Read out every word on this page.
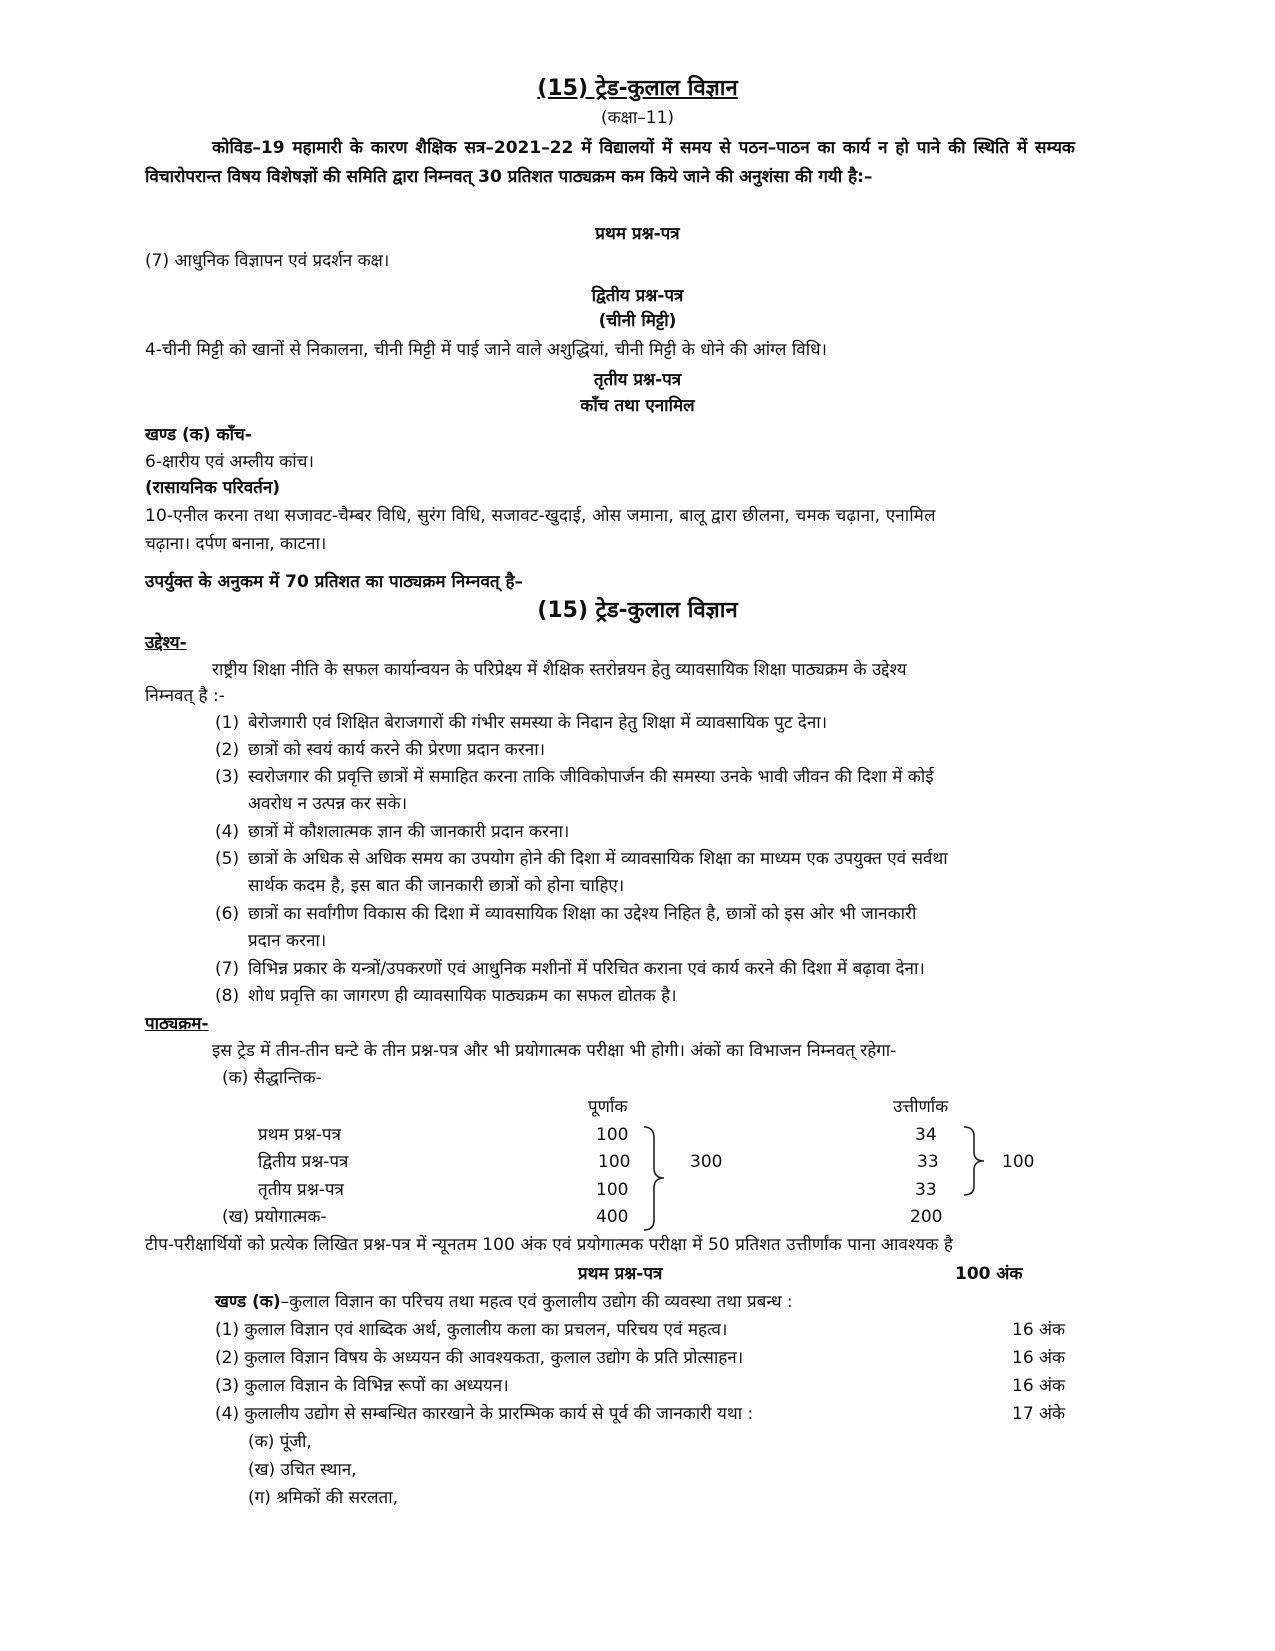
(15) ट्रेड-कुलाल विज्ञान
(कक्षा–11)
कोविड–19 महामारी के कारण शैक्षिक सत्र–2021–22 में विद्यालयों में समय से पठन–पाठन का कार्य न हो पाने की स्थिति में सम्यक विचारोपरान्त विषय विशेषज्ञों की समिति द्वारा निम्नवत् 30 प्रतिशत पाठ्यक्रम कम किये जाने की अनुशंसा की गयी है:–
प्रथम प्रश्न-पत्र
(7) आधुनिक विज्ञापन एवं प्रदर्शन कक्ष।
द्वितीय प्रश्न-पत्र
(चीनी मिट्टी)
4-चीनी मिट्टी को खानों से निकालना, चीनी मिट्टी में पाई जाने वाले अशुद्धियां, चीनी मिट्टी के धोने की आंग्ल विधि।
तृतीय प्रश्न-पत्र
काँच तथा एनामिल
खण्ड (क) काँच-
6-क्षारीय एवं अम्लीय कांच।
(रासायनिक परिवर्तन)
10-एनील करना तथा सजावट-चैम्बर विधि, सुरंग विधि, सजावट-खुदाई, ओस जमाना, बालू द्वारा छीलना, चमक चढ़ाना, एनामिल
चढ़ाना। दर्पण बनाना, काटना।
उपर्युक्त के अनुकम में 70 प्रतिशत का पाठ्यक्रम निम्नवत् है–
(15) ट्रेड-कुलाल विज्ञान
उद्देश्य-
राष्ट्रीय शिक्षा नीति के सफल कार्यान्वयन के परिप्रेक्ष्य में शैक्षिक स्तरोन्नयन हेतु व्यावसायिक शिक्षा पाठ्यक्रम के उद्देश्य
निम्नवत् है :-
(1) बेरोजगारी एवं शिक्षित बेराजगारों की गंभीर समस्या के निदान हेतु शिक्षा में व्यावसायिक पुट देना।
(2) छात्रों को स्वयं कार्य करने की प्रेरणा प्रदान करना।
(3) स्वरोजगार की प्रवृत्ति छात्रों में समाहित करना ताकि जीविकोपार्जन की समस्या उनके भावी जीवन की दिशा में कोई
अवरोध न उत्पन्न कर सके।
(4) छात्रों में कौशलात्मक ज्ञान की जानकारी प्रदान करना।
(5) छात्रों के अधिक से अधिक समय का उपयोग होने की दिशा में व्यावसायिक शिक्षा का माध्यम एक उपयुक्त एवं सर्वथा
सार्थक कदम है, इस बात की जानकारी छात्रों को होना चाहिए।
(6) छात्रों का सर्वांगीण विकास की दिशा में व्यावसायिक शिक्षा का उद्देश्य निहित है, छात्रों को इस ओर भी जानकारी
प्रदान करना।
(7) विभिन्न प्रकार के यन्त्रों/उपकरणों एवं आधुनिक मशीनों में परिचित कराना एवं कार्य करने की दिशा में बढ़ावा देना।
(8) शोध प्रवृत्ति का जागरण ही व्यावसायिक पाठ्यक्रम का सफल द्योतक है।
पाठ्यक्रम-
इस ट्रेड में तीन-तीन घन्टे के तीन प्रश्न-पत्र और भी प्रयोगात्मक परीक्षा भी होगी। अंकों का विभाजन निम्नवत् रहेगा-
(क) सैद्धान्तिक-
पूर्णांक	उत्तीर्णांक
प्रथम प्रश्न-पत्र	100	34
द्वितीय प्रश्न-पत्र	100	33
तृतीय प्रश्न-पत्र	100	33
(ख) प्रयोगात्मक-	400	200
300	100
टीप-परीक्षार्थियों को प्रत्येक लिखित प्रश्न-पत्र में न्यूनतम 100 अंक एवं प्रयोगात्मक परीक्षा में 50 प्रतिशत उत्तीर्णांक पाना आवश्यक है
प्रथम प्रश्न-पत्र	100 अंक
खण्ड (क)–कुलाल विज्ञान का परिचय तथा महत्व एवं कुलालीय उद्योग की व्यवस्था तथा प्रबन्ध :
(1) कुलाल विज्ञान एवं शाब्दिक अर्थ, कुलालीय कला का प्रचलन, परिचय एवं महत्व।	16 अंक
(2) कुलाल विज्ञान विषय के अध्ययन की आवश्यकता, कुलाल उद्योग के प्रति प्रोत्साहन।	16 अंक
(3) कुलाल विज्ञान के विभिन्न रूपों का अध्ययन।	16 अंक
(4) कुलालीय उद्योग से सम्बन्धित कारखाने के प्रारम्भिक कार्य से पूर्व की जानकारी यथा :	17 अंके
(क) पूंजी,
(ख) उचित स्थान,
(ग) श्रमिकों की सरलता,
